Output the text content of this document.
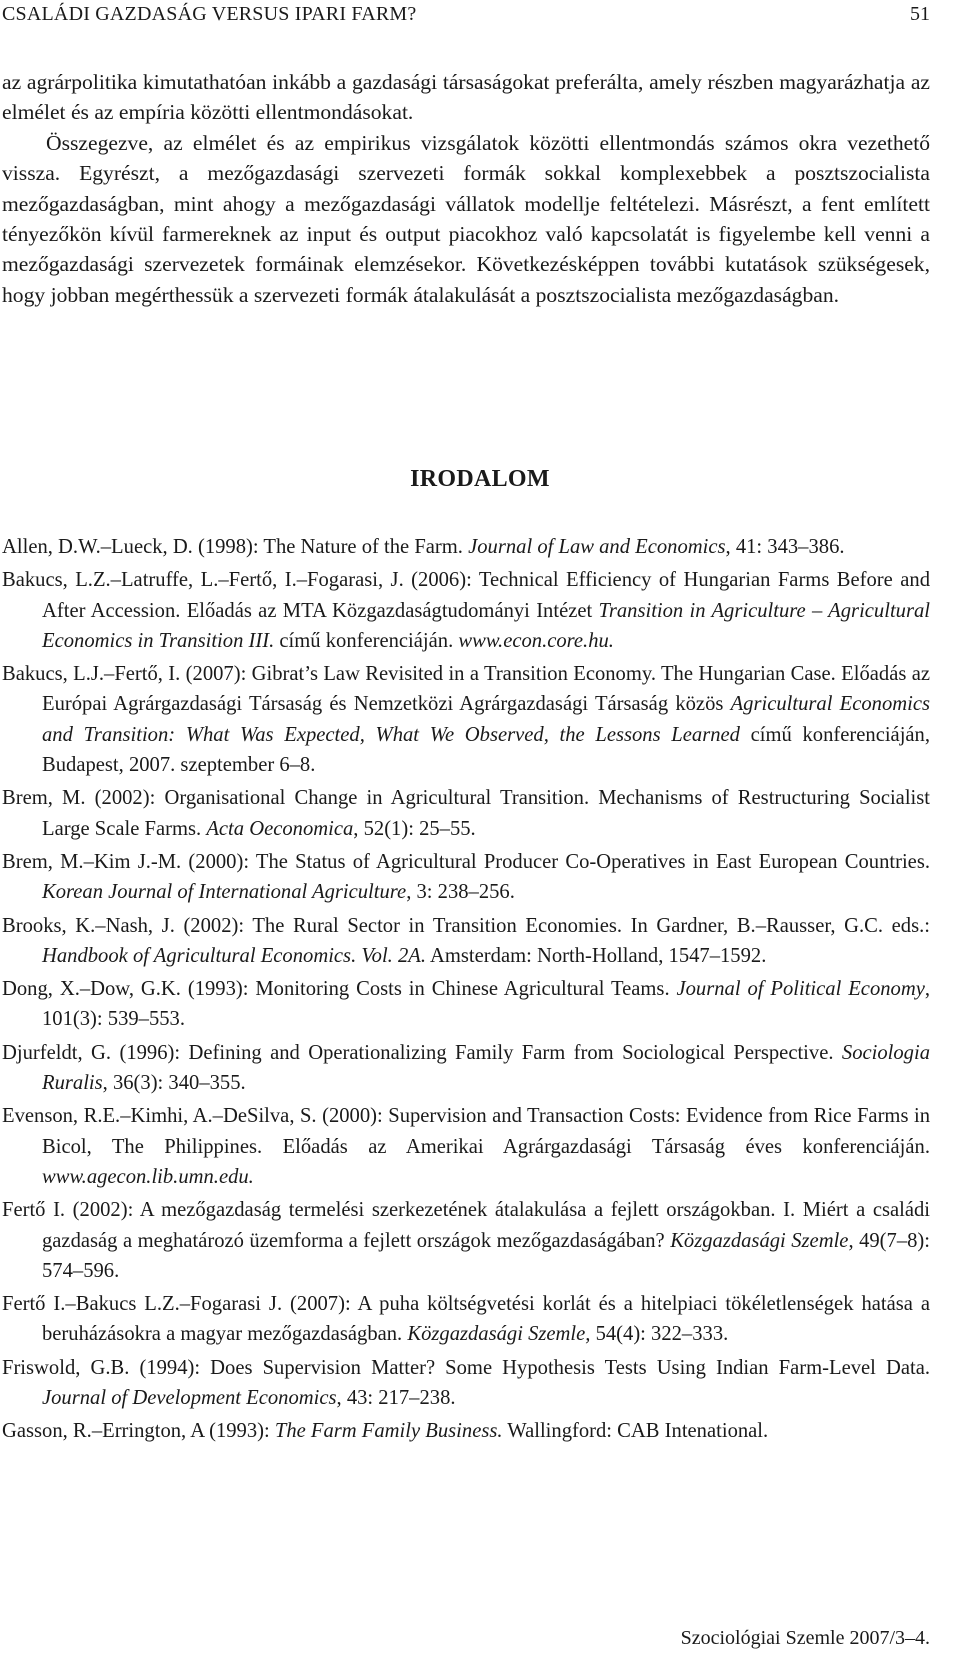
CSALÁDI GAZDASÁG VERSUS IPARI FARM?	51

az agrárpolitika kimutathatóan inkább a gazdasági társaságokat preferálta, amely részben magyarázhatja az elmélet és az empíria közötti ellentmondásokat.

Összegezve, az elmélet és az empirikus vizsgálatok közötti ellentmondás számos okra vezethető vissza. Egyrészt, a mezőgazdasági szervezeti formák sokkal komplexebbek a posztszocialista mezőgazdaságban, mint ahogy a mezőgazdasági vállatok modellje feltételezi. Másrészt, a fent említett tényezőkön kívül farmereknek az input és output piacokhoz való kapcsolatát is figyelembe kell venni a mezőgazdasági szervezetek formáinak elemzésekor. Következésképpen további kutatások szükségesek, hogy jobban megérthessük a szervezeti formák átalakulását a posztszocialista mezőgazdaságban.

IRODALOM
Allen, D.W.–Lueck, D. (1998): The Nature of the Farm. Journal of Law and Economics, 41: 343–386.
Bakucs, L.Z.–Latruffe, L.–Fertő, I.–Fogarasi, J. (2006): Technical Efficiency of Hungarian Farms Before and After Accession. Előadás az MTA Közgazdaságtudományi Intézet Transition in Agriculture – Agricultural Economics in Transition III. című konferenciáján. www.econ.core.hu.
Bakucs, L.J.–Fertő, I. (2007): Gibrat’s Law Revisited in a Transition Economy. The Hungarian Case. Előadás az Európai Agrárgazdasági Társaság és Nemzetközi Agrárgazdasági Társaság közös Agricultural Economics and Transition: What Was Expected, What We Observed, the Lessons Learned című konferenciáján, Budapest, 2007. szeptember 6–8.
Brem, M. (2002): Organisational Change in Agricultural Transition. Mechanisms of Restructuring Socialist Large Scale Farms. Acta Oeconomica, 52(1): 25–55.
Brem, M.–Kim J.-M. (2000): The Status of Agricultural Producer Co-Operatives in East European Countries. Korean Journal of International Agriculture, 3: 238–256.
Brooks, K.–Nash, J. (2002): The Rural Sector in Transition Economies. In Gardner, B.–Rausser, G.C. eds.: Handbook of Agricultural Economics. Vol. 2A. Amsterdam: North-Holland, 1547–1592.
Dong, X.–Dow, G.K. (1993): Monitoring Costs in Chinese Agricultural Teams. Journal of Political Economy, 101(3): 539–553.
Djurfeldt, G. (1996): Defining and Operationalizing Family Farm from Sociological Perspective. Sociologia Ruralis, 36(3): 340–355.
Evenson, R.E.–Kimhi, A.–DeSilva, S. (2000): Supervision and Transaction Costs: Evidence from Rice Farms in Bicol, The Philippines. Előadás az Amerikai Agrárgazdasági Társaság éves konferenciáján. www.agecon.lib.umn.edu.
Fertő I. (2002): A mezőgazdaság termelési szerkezetének átalakulása a fejlett országokban. I. Miért a családi gazdaság a meghatározó üzemforma a fejlett országok mezőgazdaságában? Közgazdasági Szemle, 49(7–8): 574–596.
Fertő I.–Bakucs L.Z.–Fogarasi J. (2007): A puha költségvetési korlát és a hitelpiaci tökéletlenségek hatása a beruházásokra a magyar mezőgazdaságban. Közgazdasági Szemle, 54(4): 322–333.
Friswold, G.B. (1994): Does Supervision Matter? Some Hypothesis Tests Using Indian Farm-Level Data. Journal of Development Economics, 43: 217–238.
Gasson, R.–Errington, A (1993): The Farm Family Business. Wallingford: CAB Intenational.
Szociológiai Szemle 2007/3–4.
